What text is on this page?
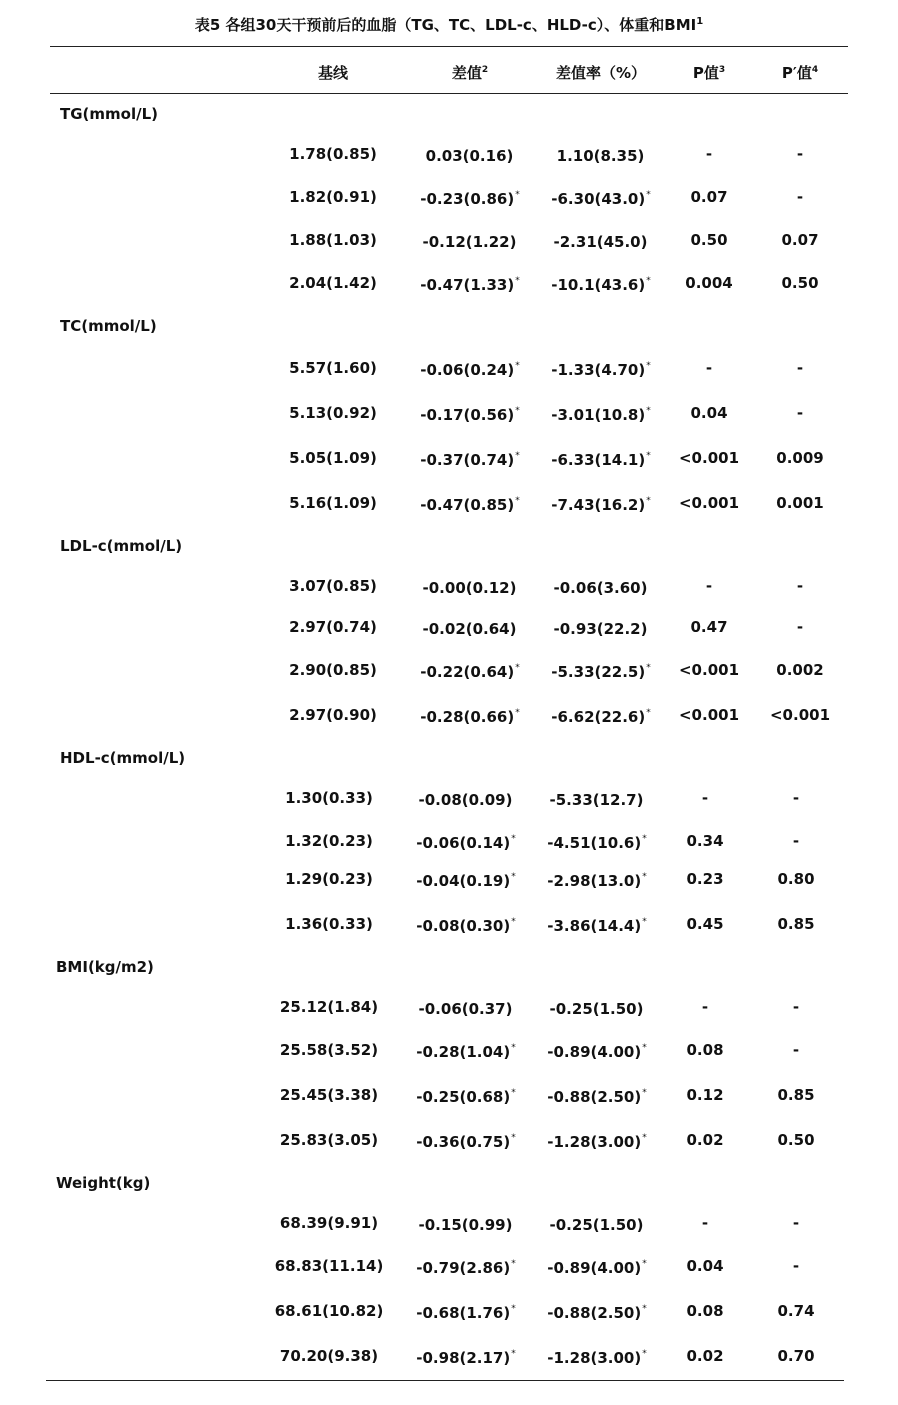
表5 各组30天干预前后的血脂（TG、TC、LDL-c、HLD-c）、体重和BMI$^1$
基线	差值$^2$	差值率（%）	P值$^3$	P′值$^4$
TG(mmol/L)
1.78(0.85)	0.03(0.16)	1.10(8.35)	-	-
1.82(0.91)	-0.23(0.86)* -6.30(43.0)*	0.07	-
1.88(1.03)	-0.12(1.22) -2.31(45.0)	0.50	0.07
2.04(1.42)	-0.47(1.33)* -10.1(43.6)* 0.004	0.50
TC(mmol/L)
5.57(1.60)	-0.06(0.24)* -1.33(4.70)*	-	-
5.13(0.92)	-0.17(0.56)* -3.01(10.8)*	0.04	-
5.05(1.09)	-0.37(0.74)* -6.33(14.1)* <0.001 0.009
5.16(1.09)	-0.47(0.85)* -7.43(16.2)* <0.001 0.001
LDL-c(mmol/L)
3.07(0.85)	-0.00(0.12) -0.06(3.60)	-	-
2.97(0.74)	-0.02(0.64) -0.93(22.2)	0.47	-
2.90(0.85)	-0.22(0.64)* -5.33(22.5)* <0.001 0.002
2.97(0.90)	-0.28(0.66)* -6.62(22.6)* <0.001 <0.001
HDL-c(mmol/L)
1.30(0.33)	-0.08(0.09) -5.33(12.7)	-	-
1.32(0.23)	-0.06(0.14)* -4.51(10.6)*	0.34	-
1.29(0.23)	-0.04(0.19)* -2.98(13.0)*	0.23	0.80
1.36(0.33)	-0.08(0.30)* -3.86(14.4)*	0.45	0.85
BMI(kg/m2)
25.12(1.84)	-0.06(0.37) -0.25(1.50)	-	-
25.58(3.52)	-0.28(1.04)* -0.89(4.00)*	0.08	-
25.45(3.38)	-0.25(0.68)* -0.88(2.50)*	0.12	0.85
25.83(3.05)	-0.36(0.75)* -1.28(3.00)*	0.02	0.50
Weight(kg)
68.39(9.91)	-0.15(0.99) -0.25(1.50)	-	-
68.83(11.14) -0.79(2.86)* -0.89(4.00)*	0.04	-
68.61(10.82) -0.68(1.76)* -0.88(2.50)*	0.08	0.74
70.20(9.38)	-0.98(2.17)* -1.28(3.00)*	0.02	0.70
